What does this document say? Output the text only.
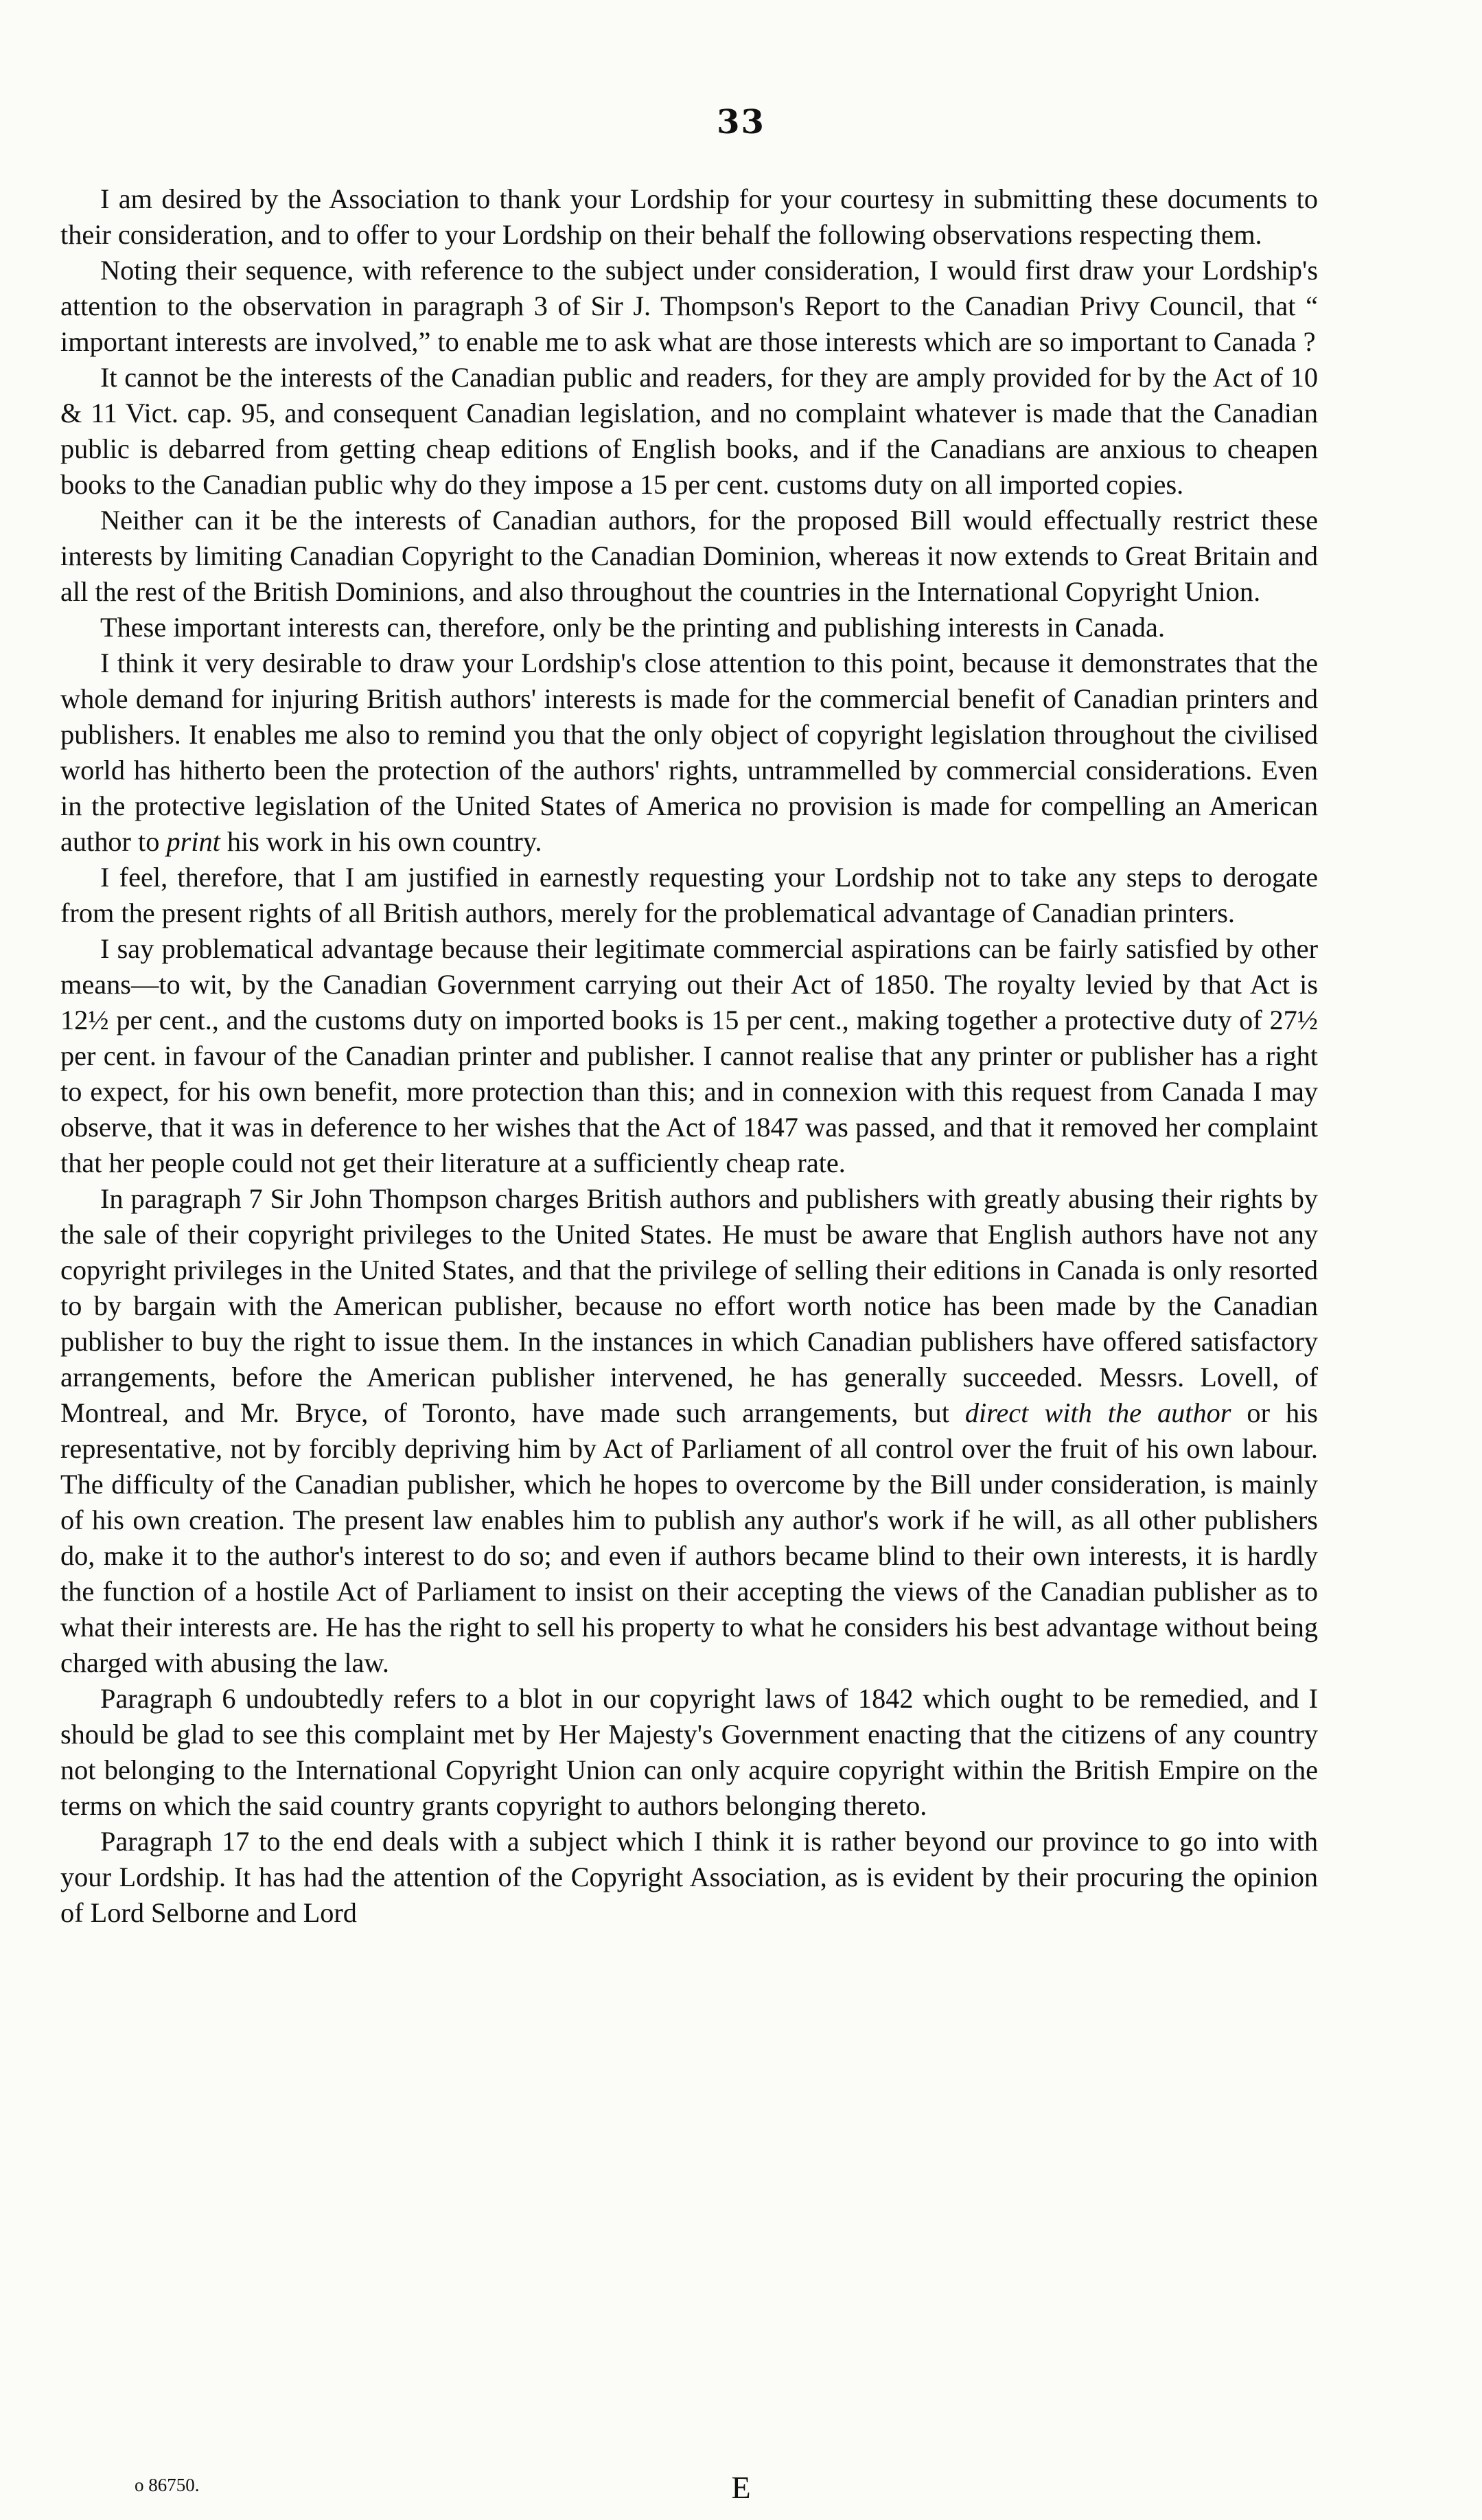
33

I am desired by the Association to thank your Lordship for your courtesy in submitting these documents to their consideration, and to offer to your Lordship on their behalf the following observations respecting them.

Noting their sequence, with reference to the subject under consideration, I would first draw your Lordship's attention to the observation in paragraph 3 of Sir J. Thompson's Report to the Canadian Privy Council, that “ important interests are involved,” to enable me to ask what are those interests which are so important to Canada ?

It cannot be the interests of the Canadian public and readers, for they are amply provided for by the Act of 10 & 11 Vict. cap. 95, and consequent Canadian legislation, and no complaint whatever is made that the Canadian public is debarred from getting cheap editions of English books, and if the Canadians are anxious to cheapen books to the Canadian public why do they impose a 15 per cent. customs duty on all imported copies.

Neither can it be the interests of Canadian authors, for the proposed Bill would effectually restrict these interests by limiting Canadian Copyright to the Canadian Dominion, whereas it now extends to Great Britain and all the rest of the British Dominions, and also throughout the countries in the International Copyright Union.

These important interests can, therefore, only be the printing and publishing interests in Canada.

I think it very desirable to draw your Lordship's close attention to this point, because it demonstrates that the whole demand for injuring British authors' interests is made for the commercial benefit of Canadian printers and publishers. It enables me also to remind you that the only object of copyright legislation throughout the civilised world has hitherto been the protection of the authors' rights, untrammelled by commercial considerations. Even in the protective legislation of the United States of America no provision is made for compelling an American author to print his work in his own country.

I feel, therefore, that I am justified in earnestly requesting your Lordship not to take any steps to derogate from the present rights of all British authors, merely for the problematical advantage of Canadian printers.

I say problematical advantage because their legitimate commercial aspirations can be fairly satisfied by other means—to wit, by the Canadian Government carrying out their Act of 1850. The royalty levied by that Act is 12½ per cent., and the customs duty on imported books is 15 per cent., making together a protective duty of 27½ per cent. in favour of the Canadian printer and publisher. I cannot realise that any printer or publisher has a right to expect, for his own benefit, more protection than this; and in connexion with this request from Canada I may observe, that it was in deference to her wishes that the Act of 1847 was passed, and that it removed her complaint that her people could not get their literature at a sufficiently cheap rate.

In paragraph 7 Sir John Thompson charges British authors and publishers with greatly abusing their rights by the sale of their copyright privileges to the United States. He must be aware that English authors have not any copyright privileges in the United States, and that the privilege of selling their editions in Canada is only resorted to by bargain with the American publisher, because no effort worth notice has been made by the Canadian publisher to buy the right to issue them. In the instances in which Canadian publishers have offered satisfactory arrangements, before the American publisher intervened, he has generally succeeded. Messrs. Lovell, of Montreal, and Mr. Bryce, of Toronto, have made such arrangements, but direct with the author or his representative, not by forcibly depriving him by Act of Parliament of all control over the fruit of his own labour. The difficulty of the Canadian publisher, which he hopes to overcome by the Bill under consideration, is mainly of his own creation. The present law enables him to publish any author's work if he will, as all other publishers do, make it to the author's interest to do so; and even if authors became blind to their own interests, it is hardly the function of a hostile Act of Parliament to insist on their accepting the views of the Canadian publisher as to what their interests are. He has the right to sell his property to what he considers his best advantage without being charged with abusing the law.

Paragraph 6 undoubtedly refers to a blot in our copyright laws of 1842 which ought to be remedied, and I should be glad to see this complaint met by Her Majesty's Government enacting that the citizens of any country not belonging to the International Copyright Union can only acquire copyright within the British Empire on the terms on which the said country grants copyright to authors belonging thereto.

Paragraph 17 to the end deals with a subject which I think it is rather beyond our province to go into with your Lordship. It has had the attention of the Copyright Association, as is evident by their procuring the opinion of Lord Selborne and Lord

o 86750.	E
